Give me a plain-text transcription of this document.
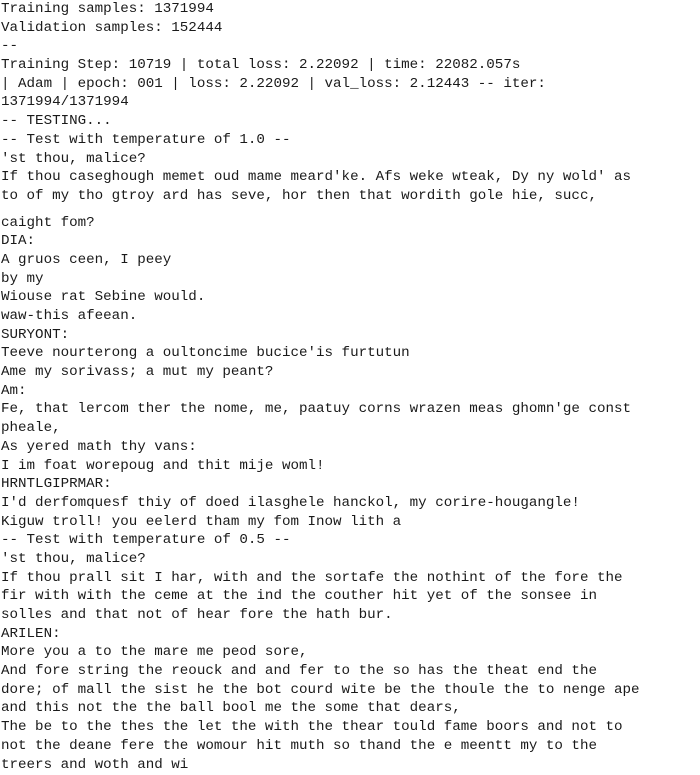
Training samples: 1371994
Validation samples: 152444
--
Training Step: 10719 | total loss: 2.22092 | time: 22082.057s
| Adam | epoch: 001 | loss: 2.22092 | val_loss: 2.12443 -- iter:
1371994/1371994
-- TESTING...
-- Test with temperature of 1.0 --
'st thou, malice?
If thou caseghough memet oud mame meard'ke. Afs weke wteak, Dy ny wold' as
to of my tho gtroy ard has seve, hor then that wordith gole hie, succ,
caight fom?
DIA:
A gruos ceen, I peey
by my
Wiouse rat Sebine would.
waw-this afeean.
SURYONT:
Teeve nourterong a oultoncime bucice'is furtutun
Ame my sorivass; a mut my peant?
Am:
Fe, that lercom ther the nome, me, paatuy corns wrazen meas ghomn'ge const
pheale,
As yered math thy vans:
I im foat worepoug and thit mije woml!
HRNTLGIPRMAR:
I'd derfomquesf thiy of doed ilasghele hanckol, my corire-hougangle!
Kiguw troll! you eelerd tham my fom Inow lith a
-- Test with temperature of 0.5 --
'st thou, malice?
If thou prall sit I har, with and the sortafe the nothint of the fore the
fir with with the ceme at the ind the couther hit yet of the sonsee in
solles and that not of hear fore the hath bur.
ARILEN:
More you a to the mare me peod sore,
And fore string the reouck and and fer to the so has the theat end the
dore; of mall the sist he the bot courd wite be the thoule the to nenge ape
and this not the the ball bool me the some that dears,
The be to the thes the let the with the thear tould fame boors and not to
not the deane fere the womour hit muth so thand the e meentt my to the
treers and woth and wi
